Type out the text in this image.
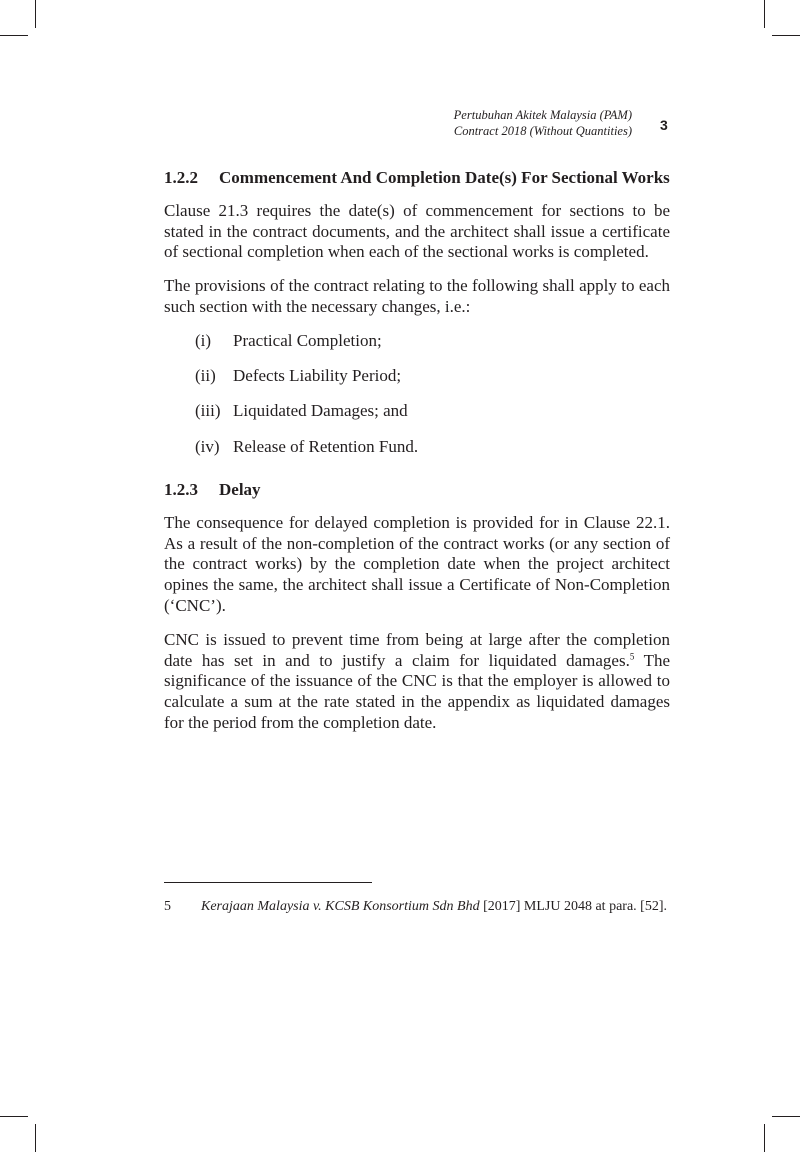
Pertubuhan Akitek Malaysia (PAM)
Contract 2018 (Without Quantities) 3
1.2.2	Commencement And Completion Date(s) For Sectional Works

Clause 21.3 requires the date(s) of commencement for sections to be stated in the contract documents, and the architect shall issue a certificate of sectional completion when each of the sectional works is completed.

The provisions of the contract relating to the following shall apply to each such section with the necessary changes, i.e.:

(i)	Practical Completion;
(ii)	Defects Liability Period;
(iii) Liquidated Damages; and
(iv) Release of Retention Fund.
1.2.3	Delay

The consequence for delayed completion is provided for in Clause 22.1. As a result of the non-completion of the contract works (or any section of the contract works) by the completion date when the project architect opines the same, the architect shall issue a Certificate of Non-Completion (‘CNC’).

CNC is issued to prevent time from being at large after the completion date has set in and to justify a claim for liquidated damages.$^5$ The significance of the issuance of the CNC is that the employer is allowed to calculate a sum at the rate stated in the appendix as liquidated damages for the period from the completion date.

5	Kerajaan Malaysia v. KCSB Konsortium Sdn Bhd [2017] MLJU 2048 at para. [52].
